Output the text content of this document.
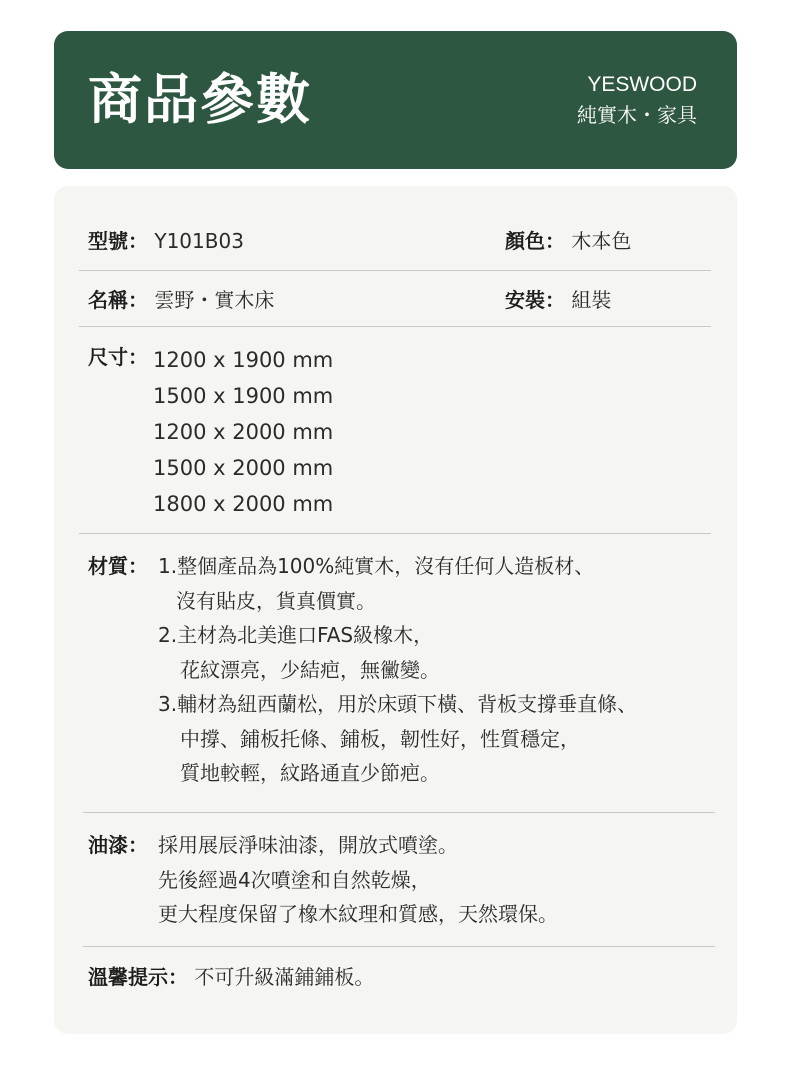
商品參數	YESWOOD
純實木・家具
型號： Y101B03	顏色： 木本色
名稱： 雲野・實木床	安裝： 組裝
尺寸： 1200 x 1900 mm
1500 x 1900 mm
1200 x 2000 mm
1500 x 2000 mm
1800 x 2000 mm
材質： 1.整個產品為100%純實木，沒有任何人造板材、
沒有貼皮，貨真價實。
2.主材為北美進口FAS級橡木，
花紋漂亮，少結疤，無黴變。
3.輔材為紐西蘭松，用於床頭下橫、背板支撐垂直條、
中撐、鋪板托條、鋪板，韌性好，性質穩定，
質地較輕，紋路通直少節疤。
油漆： 採用展辰淨味油漆，開放式噴塗。
先後經過4次噴塗和自然乾燥，
更大程度保留了橡木紋理和質感，天然環保。
溫馨提示： 不可升級滿鋪鋪板。
